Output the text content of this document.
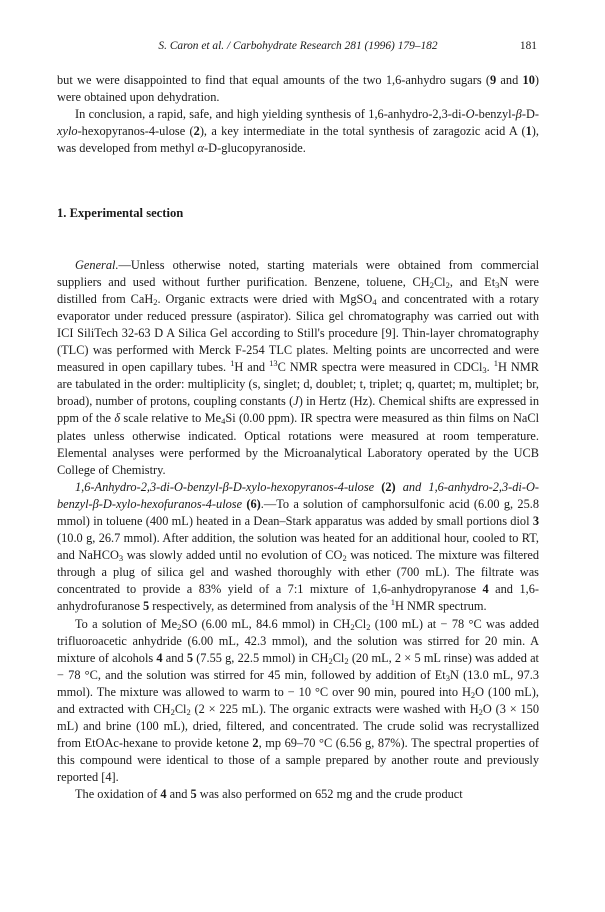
S. Caron et al. / Carbohydrate Research 281 (1996) 179–182	181

but we were disappointed to find that equal amounts of the two 1,6-anhydro sugars (9 and 10) were obtained upon dehydration.

In conclusion, a rapid, safe, and high yielding synthesis of 1,6-anhydro-2,3-di-O-benzyl-β-D-xylo-hexopyranos-4-ulose (2), a key intermediate in the total synthesis of zaragozic acid A (1), was developed from methyl α-D-glucopyranoside.

1. Experimental section

General.—Unless otherwise noted, starting materials were obtained from commercial suppliers and used without further purification. Benzene, toluene, $CH_2Cl_2$, and $Et_3N$ were distilled from CaH$_2$. Organic extracts were dried with MgSO$_4$ and concentrated with a rotary evaporator under reduced pressure (aspirator). Silica gel chromatography was carried out with ICI SiliTech 32-63 D A Silica Gel according to Still's procedure [9]. Thin-layer chromatography (TLC) was performed with Merck F-254 TLC plates. Melting points are uncorrected and were measured in open capillary tubes. $^1$H and $^{13}$C NMR spectra were measured in CDCl$_3$. $^1$H NMR are tabulated in the order: multiplicity (s, singlet; d, doublet; t, triplet; q, quartet; m, multiplet; br, broad), number of protons, coupling constants (J) in Hertz (Hz). Chemical shifts are expressed in ppm of the δ scale relative to $Me_4Si$ (0.00 ppm). IR spectra were measured as thin films on NaCl plates unless otherwise indicated. Optical rotations were measured at room temperature. Elemental analyses were performed by the Microanalytical Laboratory operated by the UCB College of Chemistry.

1,6-Anhydro-2,3-di-O-benzyl-β-D-xylo-hexopyranos-4-ulose (2) and 1,6-anhydro-2,3-di-O-benzyl-β-D-xylo-hexofuranos-4-ulose (6).—To a solution of camphorsulfonic acid (6.00 g, 25.8 mmol) in toluene (400 mL) heated in a Dean–Stark apparatus was added by small portions diol 3 (10.0 g, 26.7 mmol). After addition, the solution was heated for an additional hour, cooled to RT, and NaHCO$_3$ was slowly added until no evolution of $CO_2$ was noticed. The mixture was filtered through a plug of silica gel and washed thoroughly with ether (700 mL). The filtrate was concentrated to provide a 83% yield of a 7:1 mixture of 1,6-anhydropyranose 4 and 1,6-anhydrofuranose 5 respectively, as determined from analysis of the $^1$H NMR spectrum.

To a solution of $Me_2SO$ (6.00 mL, 84.6 mmol) in $CH_2Cl_2$ (100 mL) at − 78 °C was added trifluoroacetic anhydride (6.00 mL, 42.3 mmol), and the solution was stirred for 20 min. A mixture of alcohols 4 and 5 (7.55 g, 22.5 mmol) in $CH_2Cl_2$ (20 mL, 2 × 5 mL rinse) was added at − 78 °C, and the solution was stirred for 45 min, followed by addition of $Et_3N$ (13.0 mL, 97.3 mmol). The mixture was allowed to warm to − 10 °C over 90 min, poured into $H_2O$ (100 mL), and extracted with $CH_2Cl_2$ (2 × 225 mL). The organic extracts were washed with $H_2O$ (3 × 150 mL) and brine (100 mL), dried, filtered, and concentrated. The crude solid was recrystallized from EtOAc-hexane to provide ketone 2, mp 69–70 °C (6.56 g, 87%). The spectral properties of this compound were identical to those of a sample prepared by another route and previously reported [4].

The oxidation of 4 and 5 was also performed on 652 mg and the crude product
